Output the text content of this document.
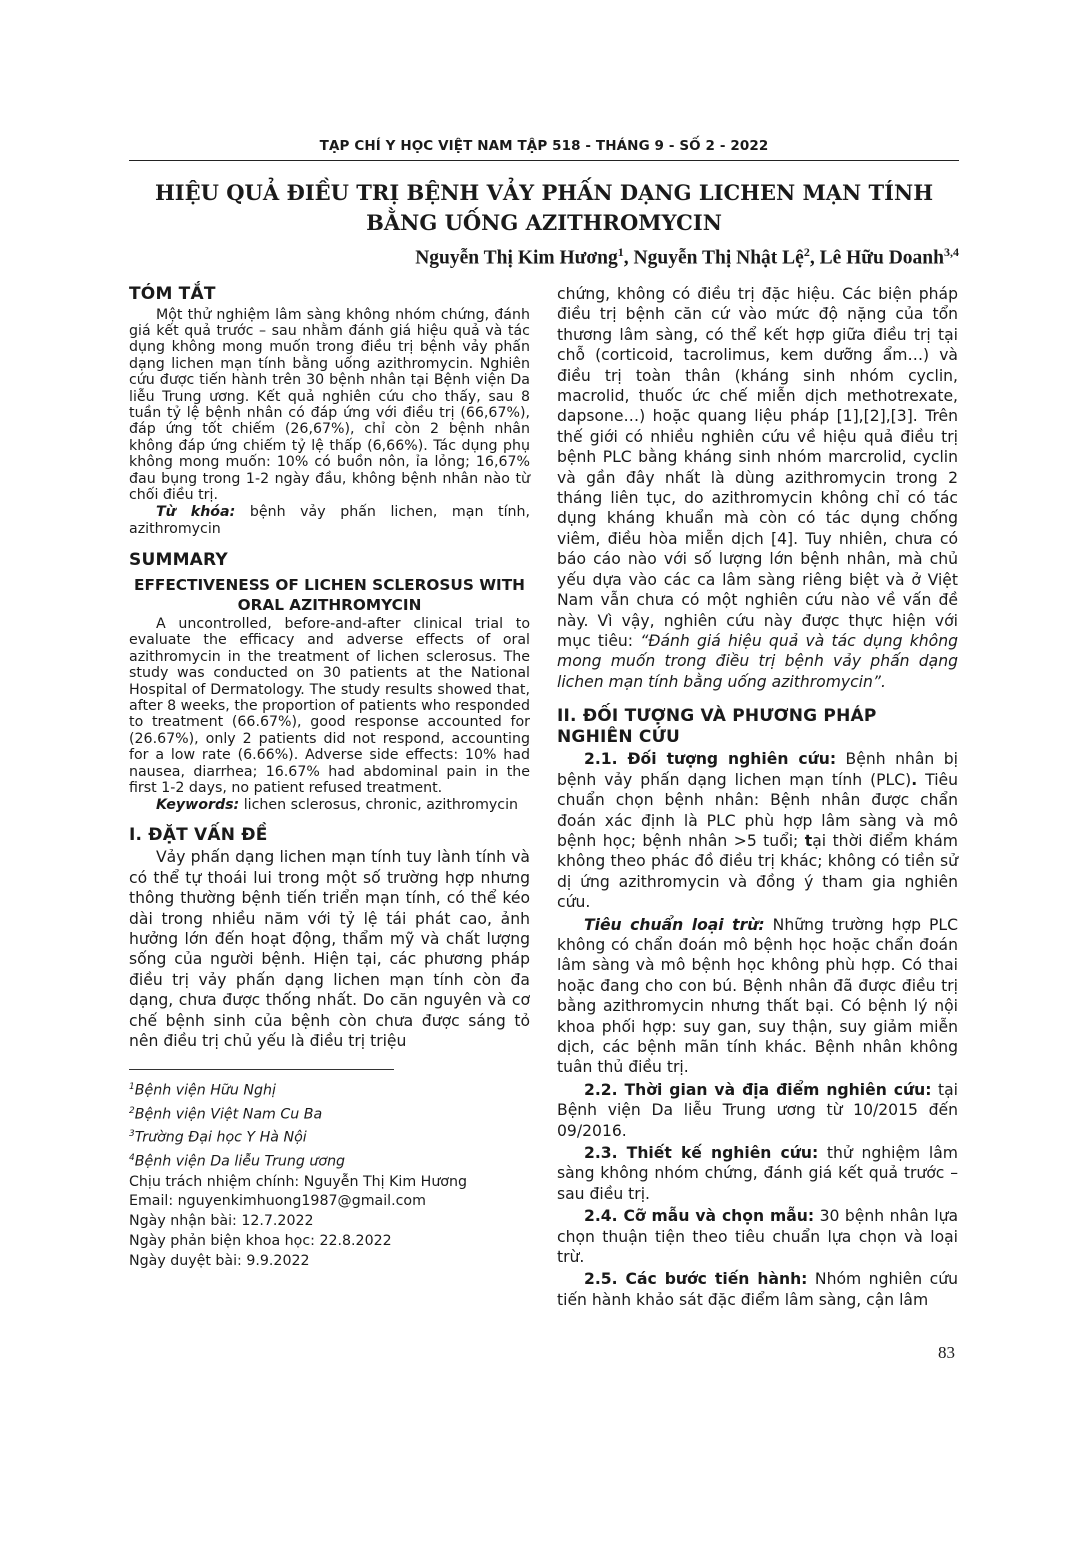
TẠP CHÍ Y HỌC VIỆT NAM TẬP 518 - THÁNG 9 - SỐ 2 - 2022
HIỆU QUẢ ĐIỀU TRỊ BỆNH VẢY PHẤN DẠNG LICHEN MẠN TÍNH
BẰNG UỐNG AZITHROMYCIN
Nguyễn Thị Kim Hương$^1$, Nguyễn Thị Nhật Lệ$^2$, Lê Hữu Doanh$^{3,4}$
TÓM TẮT

Một thử nghiệm lâm sàng không nhóm chứng, đánh giá kết quả trước – sau nhằm đánh giá hiệu quả và tác dụng không mong muốn trong điều trị bệnh vảy phấn dạng lichen mạn tính bằng uống azithromycin. Nghiên cứu được tiến hành trên 30 bệnh nhân tại Bệnh viện Da liễu Trung ương. Kết quả nghiên cứu cho thấy, sau 8 tuần tỷ lệ bệnh nhân có đáp ứng với điều trị (66,67%), đáp ứng tốt chiếm (26,67%), chỉ còn 2 bệnh nhân không đáp ứng chiếm tỷ lệ thấp (6,66%). Tác dụng phụ không mong muốn: 10% có buồn nôn, ỉa lỏng; 16,67% đau bụng trong 1-2 ngày đầu, không bệnh nhân nào từ chối điều trị.

Từ khóa: bệnh vảy phấn lichen, mạn tính, azithromycin

SUMMARY
EFFECTIVENESS OF LICHEN SCLEROSUS WITH ORAL AZITHROMYCIN

A uncontrolled, before-and-after clinical trial to evaluate the efficacy and adverse effects of oral azithromycin in the treatment of lichen sclerosus. The study was conducted on 30 patients at the National Hospital of Dermatology. The study results showed that, after 8 weeks, the proportion of patients who responded to treatment (66.67%), good response accounted for (26.67%), only 2 patients did not respond, accounting for a low rate (6.66%). Adverse side effects: 10% had nausea, diarrhea; 16.67% had abdominal pain in the first 1-2 days, no patient refused treatment.

Keywords: lichen sclerosus, chronic, azithromycin

I. ĐẶT VẤN ĐỀ

Vảy phấn dạng lichen mạn tính tuy lành tính và có thể tự thoái lui trong một số trường hợp nhưng thông thường bệnh tiến triển mạn tính, có thể kéo dài trong nhiều năm với tỷ lệ tái phát cao, ảnh hưởng lớn đến hoạt động, thẩm mỹ và chất lượng sống của người bệnh. Hiện tại, các phương pháp điều trị vảy phấn dạng lichen mạn tính còn đa dạng, chưa được thống nhất. Do căn nguyên và cơ chế bệnh sinh của bệnh còn chưa được sáng tỏ nên điều trị chủ yếu là điều trị triệu

$^1$Bệnh viện Hữu Nghị
$^2$Bệnh viện Việt Nam Cu Ba
$^3$Trường Đại học Y Hà Nội
$^4$Bệnh viện Da liễu Trung ương
Chịu trách nhiệm chính: Nguyễn Thị Kim Hương
Email: nguyenkimhuong1987@gmail.com
Ngày nhận bài: 12.7.2022
Ngày phản biện khoa học: 22.8.2022
Ngày duyệt bài: 9.9.2022

chứng, không có điều trị đặc hiệu. Các biện pháp điều trị bệnh căn cứ vào mức độ nặng của tổn thương lâm sàng, có thể kết hợp giữa điều trị tại chỗ (corticoid, tacrolimus, kem dưỡng ẩm…) và điều trị toàn thân (kháng sinh nhóm cyclin, macrolid, thuốc ức chế miễn dịch methotrexate, dapsone…) hoặc quang liệu pháp [1],[2],[3]. Trên thế giới có nhiều nghiên cứu về hiệu quả điều trị bệnh PLC bằng kháng sinh nhóm marcrolid, cyclin và gần đây nhất là dùng azithromycin trong 2 tháng liên tục, do azithromycin không chỉ có tác dụng kháng khuẩn mà còn có tác dụng chống viêm, điều hòa miễn dịch [4]. Tuy nhiên, chưa có báo cáo nào với số lượng lớn bệnh nhân, mà chủ yếu dựa vào các ca lâm sàng riêng biệt và ở Việt Nam vẫn chưa có một nghiên cứu nào về vấn đề này. Vì vậy, nghiên cứu này được thực hiện với mục tiêu: “Đánh giá hiệu quả và tác dụng không mong muốn trong điều trị bệnh vảy phấn dạng lichen mạn tính bằng uống azithromycin”.

II. ĐỐI TƯỢNG VÀ PHƯƠNG PHÁP NGHIÊN CỨU

2.1. Đối tượng nghiên cứu: Bệnh nhân bị bệnh vảy phấn dạng lichen mạn tính (PLC). Tiêu chuẩn chọn bệnh nhân: Bệnh nhân được chẩn đoán xác định là PLC phù hợp lâm sàng và mô bệnh học; bệnh nhân >5 tuổi; tại thời điểm khám không theo phác đồ điều trị khác; không có tiền sử dị ứng azithromycin và đồng ý tham gia nghiên cứu.

Tiêu chuẩn loại trừ: Những trường hợp PLC không có chẩn đoán mô bệnh học hoặc chẩn đoán lâm sàng và mô bệnh học không phù hợp. Có thai hoặc đang cho con bú. Bệnh nhân đã được điều trị bằng azithromycin nhưng thất bại. Có bệnh lý nội khoa phối hợp: suy gan, suy thận, suy giảm miễn dịch, các bệnh mãn tính khác. Bệnh nhân không tuân thủ điều trị.

2.2. Thời gian và địa điểm nghiên cứu: tại Bệnh viện Da liễu Trung ương từ 10/2015 đến 09/2016.

2.3. Thiết kế nghiên cứu: thử nghiệm lâm sàng không nhóm chứng, đánh giá kết quả trước – sau điều trị.

2.4. Cỡ mẫu và chọn mẫu: 30 bệnh nhân lựa chọn thuận tiện theo tiêu chuẩn lựa chọn và loại trừ.

2.5. Các bước tiến hành: Nhóm nghiên cứu tiến hành khảo sát đặc điểm lâm sàng, cận lâm

83
